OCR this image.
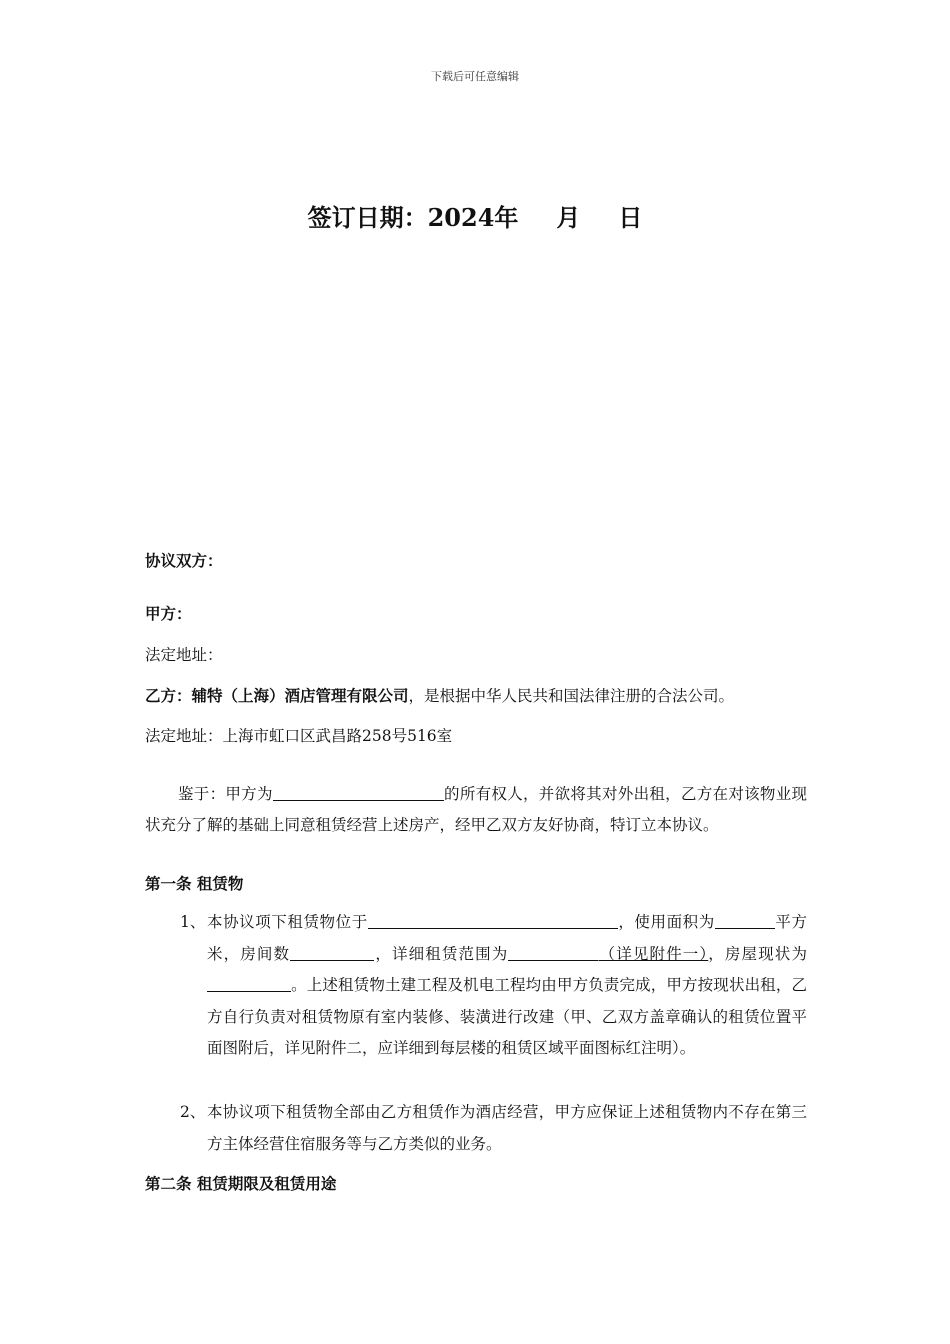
下载后可任意编辑
签订日期：2024年 月 日
协议双方：
甲方：
法定地址：
乙方：辅特（上海）酒店管理有限公司，是根据中华人民共和国法律注册的合法公司。
法定地址：上海市虹口区武昌路258号516室
鉴于：甲方为	的所有权人，并欲将其对外出租，乙方在对该物业现状充分了解的基础上同意租赁经营上述房产，经甲乙双方友好协商，特订立本协议。
第一条 租赁物
1、 本协议项下租赁物位于	，使用面积为	平方米，房间数	，详细租赁范围为	（详见附件一），房屋现状为。上述租赁物土建工程及机电工程均由甲方负责完成，甲方按现状出租，乙方自行负责对租赁物原有室内装修、装潢进行改建（甲、乙双方盖章确认的租赁位置平面图附后，详见附件二，应详细到每层楼的租赁区域平面图标红注明）。
2、 本协议项下租赁物全部由乙方租赁作为酒店经营，甲方应保证上述租赁物内不存在第三方主体经营住宿服务等与乙方类似的业务。
第二条 租赁期限及租赁用途
